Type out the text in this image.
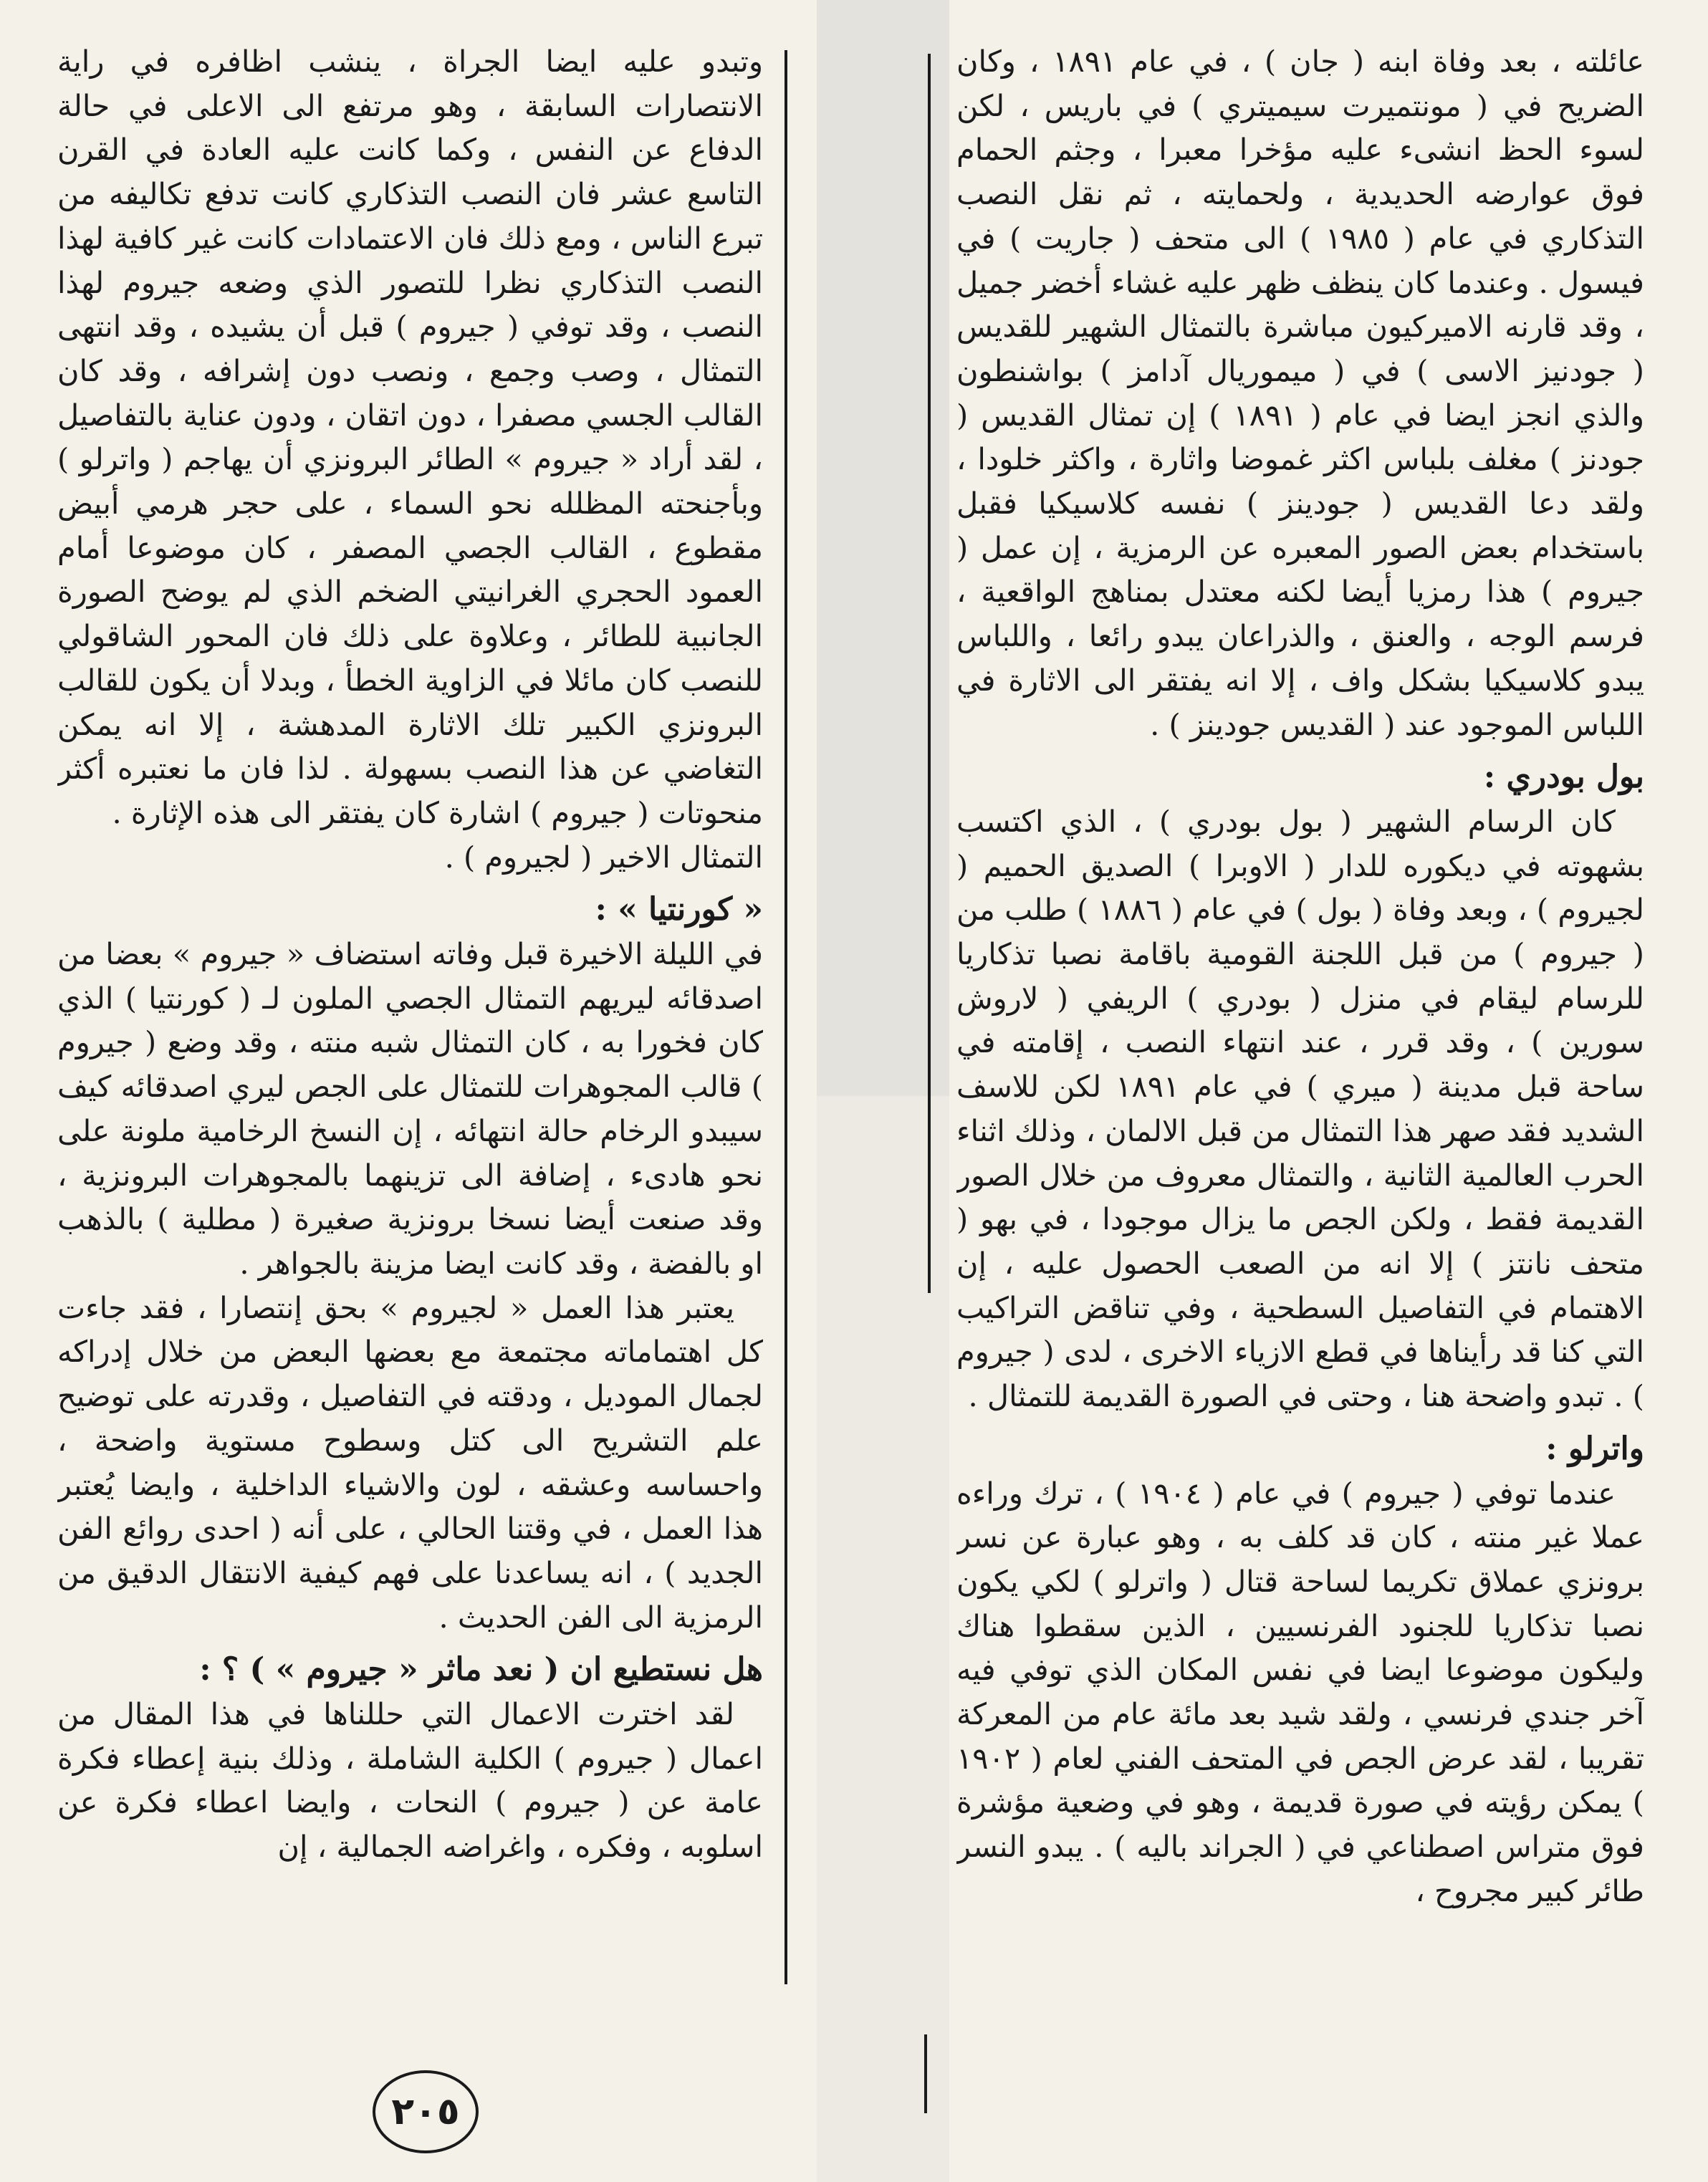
عائلته ، بعد وفاة ابنه ( جان ) ، في عام ١٨٩١ ، وكان الضريح في ( مونتميرت سيميتري ) في باريس ، لكن لسوء الحظ انشىء عليه مؤخرا معبرا ، وجثم الحمام فوق عوارضه الحديدية ، ولحمايته ، ثم نقل النصب التذكاري في عام ( ١٩٨٥ ) الى متحف ( جاريت ) في فيسول . وعندما كان ينظف ظهر عليه غشاء أخضر جميل ، وقد قارنه الاميركيون مباشرة بالتمثال الشهير للقديس ( جودنيز الاسى ) في ( ميموريال آدامز ) بواشنطون والذي انجز ايضا في عام ( ١٨٩١ ) إن تمثال القديس ( جودنز ) مغلف بلباس اكثر غموضا واثارة ، واكثر خلودا ، ولقد دعا القديس ( جودينز ) نفسه كلاسيكيا فقبل باستخدام بعض الصور المعبره عن الرمزية ، إن عمل ( جيروم ) هذا رمزيا أيضا لكنه معتدل بمناهج الواقعية ، فرسم الوجه ، والعنق ، والذراعان يبدو رائعا ، واللباس يبدو كلاسيكيا بشكل واف ، إلا انه يفتقر الى الاثارة في اللباس الموجود عند ( القديس جودينز ) .

بول بودري :

كان الرسام الشهير ( بول بودري ) ، الذي اكتسب بشهوته في ديكوره للدار ( الاوبرا ) الصديق الحميم ( لجيروم ) ، وبعد وفاة ( بول ) في عام ( ١٨٨٦ ) طلب من ( جيروم ) من قبل اللجنة القومية باقامة نصبا تذكاريا للرسام ليقام في منزل ( بودري ) الريفي ( لاروش سورين ) ، وقد قرر ، عند انتهاء النصب ، إقامته في ساحة قبل مدينة ( ميري ) في عام ١٨٩١ لكن للاسف الشديد فقد صهر هذا التمثال من قبل الالمان ، وذلك اثناء الحرب العالمية الثانية ، والتمثال معروف من خلال الصور القديمة فقط ، ولكن الجص ما يزال موجودا ، في بهو ( متحف نانتز ) إلا انه من الصعب الحصول عليه ، إن الاهتمام في التفاصيل السطحية ، وفي تناقض التراكيب التي كنا قد رأيناها في قطع الازياء الاخرى ، لدى ( جيروم ) . تبدو واضحة هنا ، وحتى في الصورة القديمة للتمثال .

واترلو :

عندما توفي ( جيروم ) في عام ( ١٩٠٤ ) ، ترك وراءه عملا غير منته ، كان قد كلف به ، وهو عبارة عن نسر برونزي عملاق تكريما لساحة قتال ( واترلو ) لكي يكون نصبا تذكاريا للجنود الفرنسيين ، الذين سقطوا هناك وليكون موضوعا ايضا في نفس المكان الذي توفي فيه آخر جندي فرنسي ، ولقد شيد بعد مائة عام من المعركة تقريبا ، لقد عرض الجص في المتحف الفني لعام ( ١٩٠٢ ) يمكن رؤيته في صورة قديمة ، وهو في وضعية مؤشرة فوق متراس اصطناعي في ( الجراند باليه ) . يبدو النسر طائر كبير مجروح ،

وتبدو عليه ايضا الجراة ، ينشب اظافره في راية الانتصارات السابقة ، وهو مرتفع الى الاعلى في حالة الدفاع عن النفس ، وكما كانت عليه العادة في القرن التاسع عشر فان النصب التذكاري كانت تدفع تكاليفه من تبرع الناس ، ومع ذلك فان الاعتمادات كانت غير كافية لهذا النصب التذكاري نظرا للتصور الذي وضعه جيروم لهذا النصب ، وقد توفي ( جيروم ) قبل أن يشيده ، وقد انتهى التمثال ، وصب وجمع ، ونصب دون إشرافه ، وقد كان القالب الجسي مصفرا ، دون اتقان ، ودون عناية بالتفاصيل ، لقد أراد « جيروم » الطائر البرونزي أن يهاجم ( واترلو ) وبأجنحته المظلله نحو السماء ، على حجر هرمي أبيض مقطوع ، القالب الجصي المصفر ، كان موضوعا أمام العمود الحجري الغرانيتي الضخم الذي لم يوضح الصورة الجانبية للطائر ، وعلاوة على ذلك فان المحور الشاقولي للنصب كان مائلا في الزاوية الخطأ ، وبدلا أن يكون للقالب البرونزي الكبير تلك الاثارة المدهشة ، إلا انه يمكن التغاضي عن هذا النصب بسهولة . لذا فان ما نعتبره أكثر منحوتات ( جيروم ) اشارة كان يفتقر الى هذه الإثارة .

التمثال الاخير ( لجيروم ) .

« كورنتيا » :

في الليلة الاخيرة قبل وفاته استضاف « جيروم » بعضا من اصدقائه ليريهم التمثال الجصي الملون لـ ( كورنتيا ) الذي كان فخورا به ، كان التمثال شبه منته ، وقد وضع ( جيروم ) قالب المجوهرات للتمثال على الجص ليري اصدقائه كيف سيبدو الرخام حالة انتهائه ، إن النسخ الرخامية ملونة على نحو هادىء ، إضافة الى تزينهما بالمجوهرات البرونزية ، وقد صنعت أيضا نسخا برونزية صغيرة ( مطلية ) بالذهب او بالفضة ، وقد كانت ايضا مزينة بالجواهر .

يعتبر هذا العمل « لجيروم » بحق إنتصارا ، فقد جاءت كل اهتماماته مجتمعة مع بعضها البعض من خلال إدراكه لجمال الموديل ، ودقته في التفاصيل ، وقدرته على توضيح علم التشريح الى كتل وسطوح مستوية واضحة ، واحساسه وعشقه ، لون والاشياء الداخلية ، وايضا يُعتبر هذا العمل ، في وقتنا الحالي ، على أنه ( احدى روائع الفن الجديد ) ، انه يساعدنا على فهم كيفية الانتقال الدقيق من الرمزية الى الفن الحديث .

هل نستطيع ان ( نعد ماثر « جيروم » ) ؟ :

لقد اخترت الاعمال التي حللناها في هذا المقال من اعمال ( جيروم ) الكلية الشاملة ، وذلك بنية إعطاء فكرة عامة عن ( جيروم ) النحات ، وايضا اعطاء فكرة عن اسلوبه ، وفكره ، واغراضه الجمالية ، إن

٢٠٥
